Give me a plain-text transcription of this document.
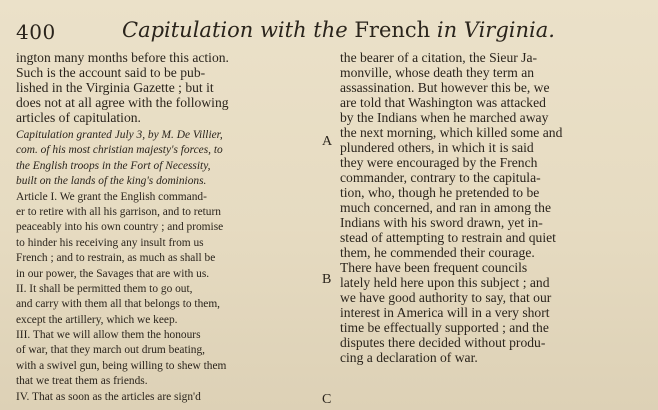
400	Capitulation with the French in Virginia.
ington many months before this action.
Such is the account said to be pub-
lished in the Virginia Gazette ; but it
does not at all agree with the following
articles of capitulation.
Capitulation granted July 3, by M. De Villier,
com. of his most christian majesty's forces, to
the English troops in the Fort of Necessity,
built on the lands of the king's dominions.
Article I. We grant the English command-
er to retire with all his garrison, and to return
peaceably into his own country ; and promise
to hinder his receiving any insult from us
French ; and to restrain, as much as shall be
in our power, the Savages that are with us.
II. It shall be permitted them to go out,
and carry with them all that belongs to them,
except the artillery, which we keep.
III. That we will allow them the honours
of war, that they march out drum beating,
with a swivel gun, being willing to shew them
that we treat them as friends.
IV. That as soon as the articles are sign'd
the bearer of a citation, the Sieur Ja-
monville, whose death they term an
assassination. But however this be, we
are told that Washington was attacked
by the Indians when he marched away
the next morning, which killed some and
plundered others, in which it is said
they were encouraged by the French
commander, contrary to the capitula-
tion, who, though he pretended to be
much concerned, and ran in among the
Indians with his sword drawn, yet in-
stead of attempting to restrain and quiet
them, he commended their courage.
There have been frequent councils
lately held here upon this subject ; and
we have good authority to say, that our
interest in America will in a very short
time be effectually supported ; and the
disputes there decided without produ-
cing a declaration of war.
A
B
C
